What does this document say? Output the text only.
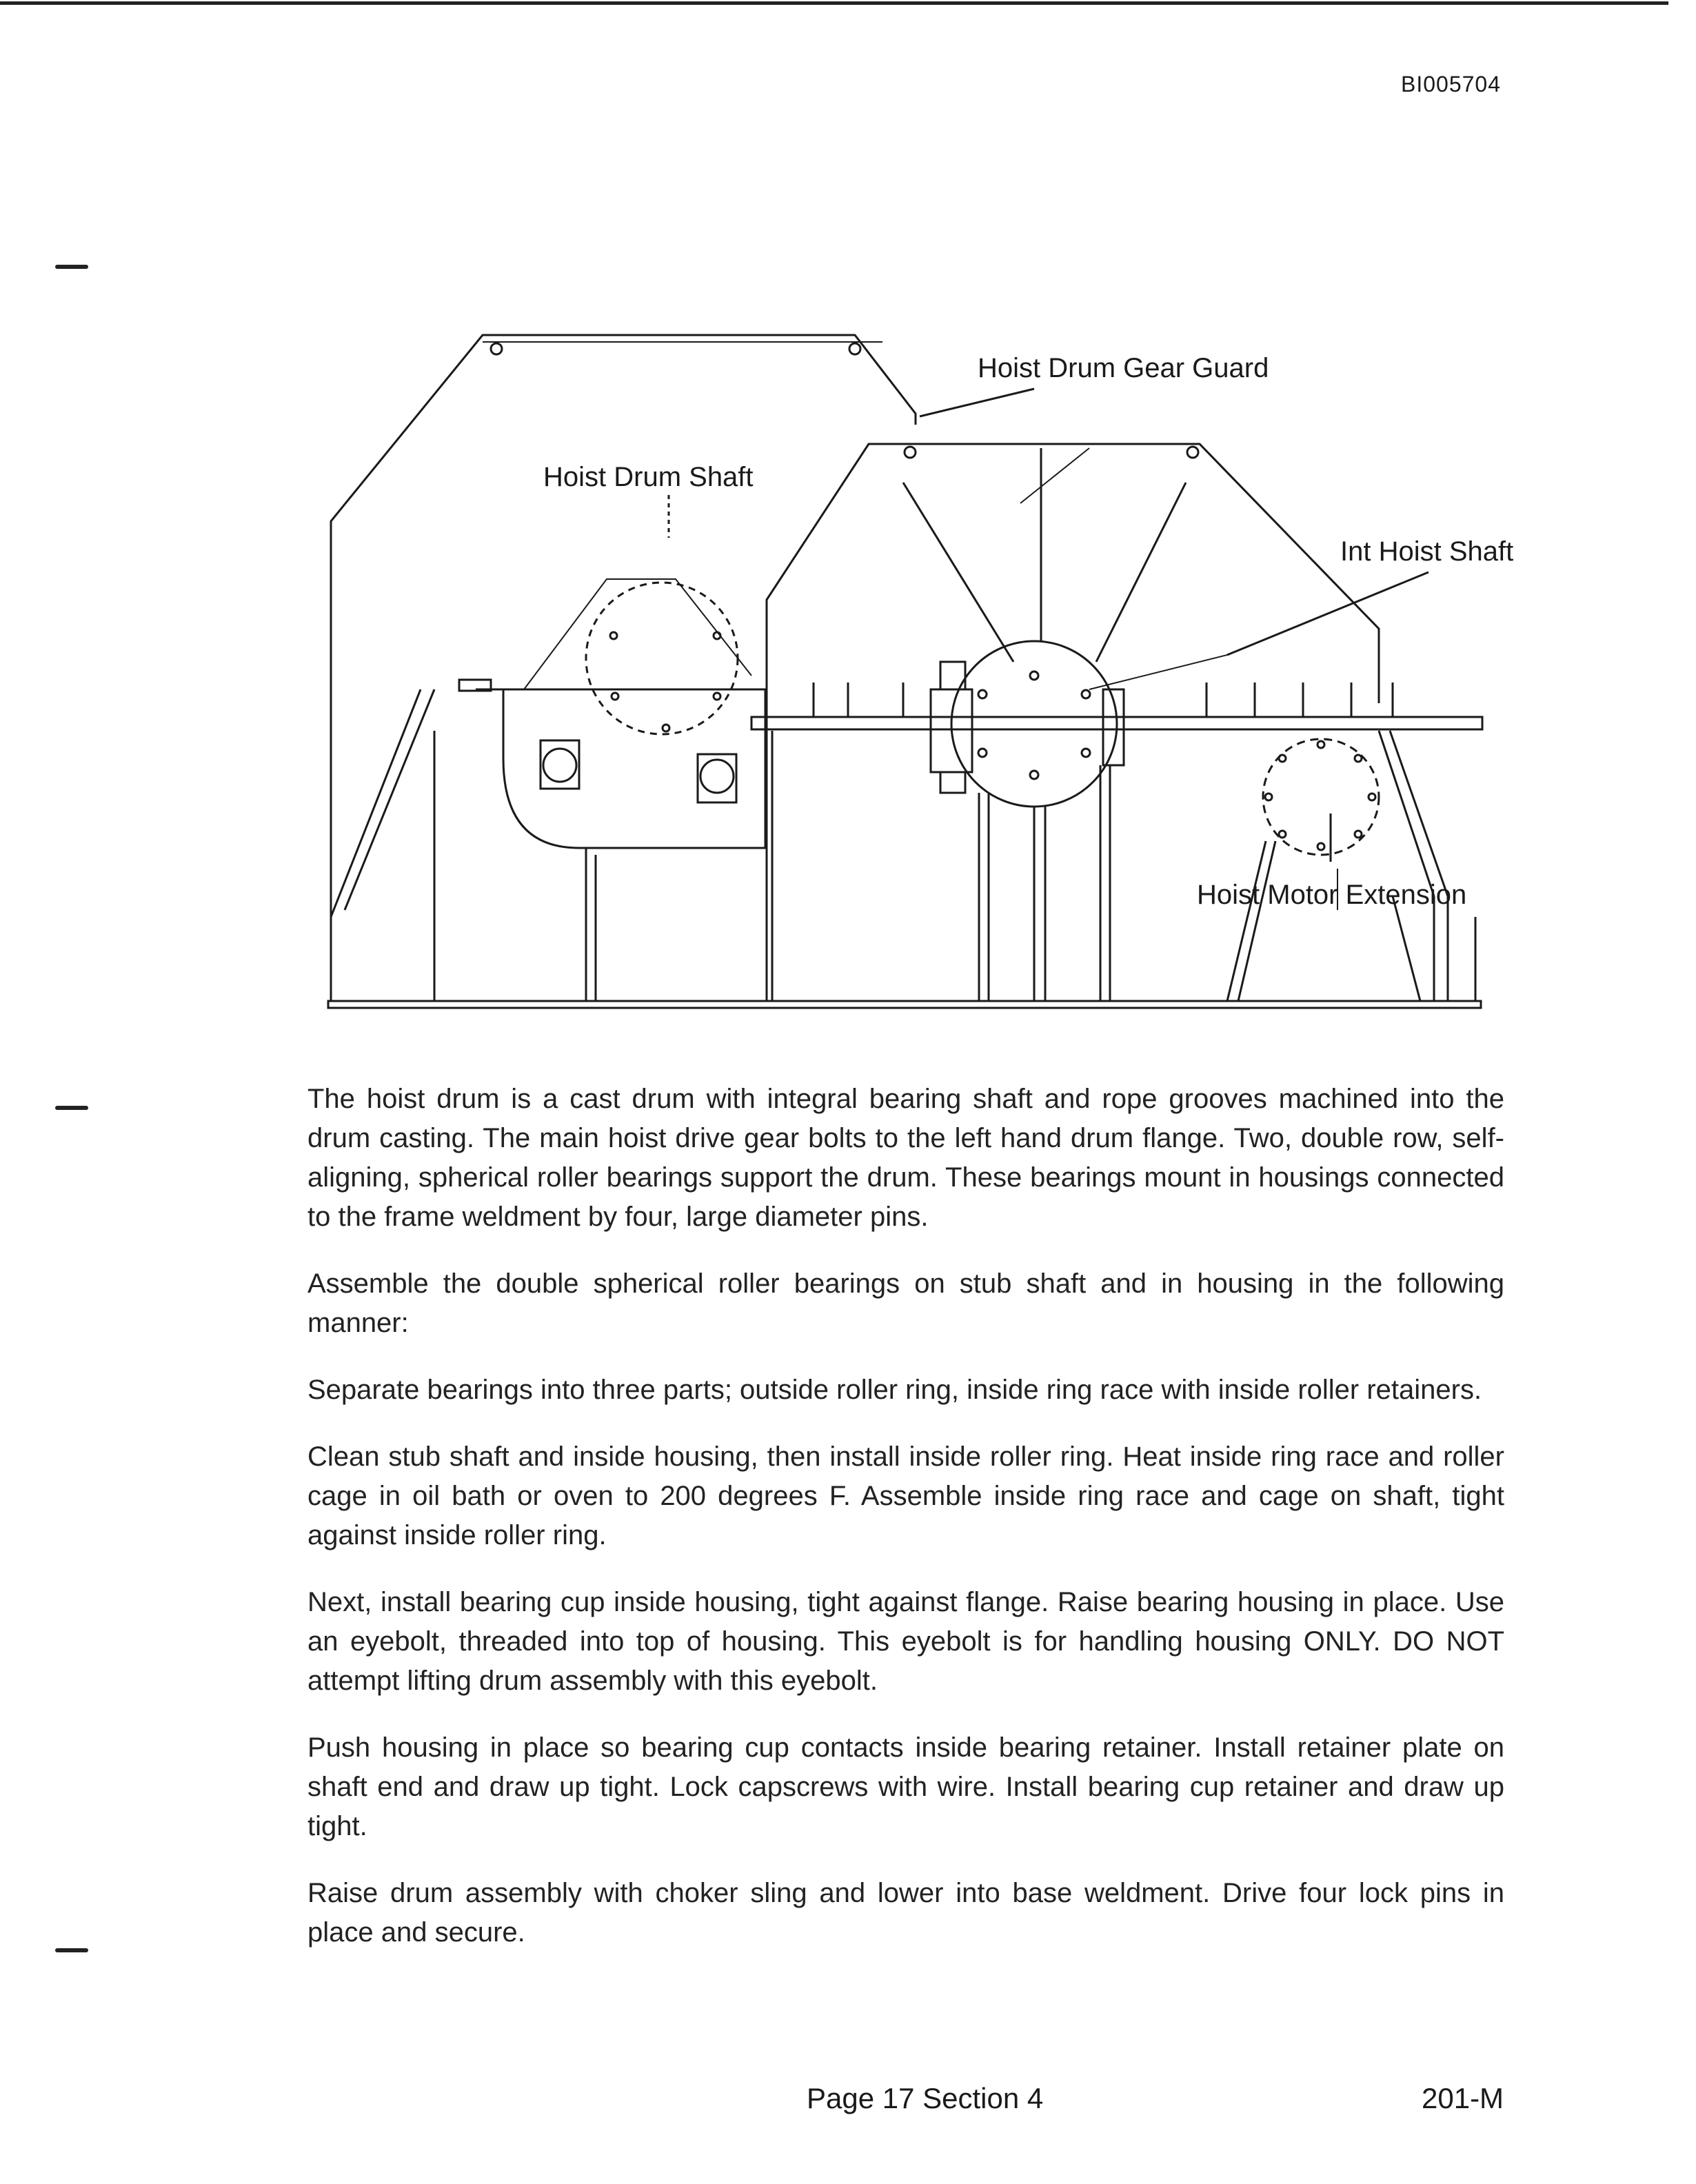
BI005704
Hoist Drum Gear Guard
Hoist Drum Shaft
Int Hoist Shaft
Hoist Motor Extension

The hoist drum is a cast drum with integral bearing shaft and rope grooves machined into the drum casting. The main hoist drive gear bolts to the left hand drum flange. Two, double row, self-aligning, spherical roller bearings support the drum. These bearings mount in housings connected to the frame weldment by four, large diameter pins.

Assemble the double spherical roller bearings on stub shaft and in housing in the following manner:

Separate bearings into three parts; outside roller ring, inside ring race with inside roller retainers.

Clean stub shaft and inside housing, then install inside roller ring. Heat inside ring race and roller cage in oil bath or oven to 200 degrees F. Assemble inside ring race and cage on shaft, tight against inside roller ring.

Next, install bearing cup inside housing, tight against flange. Raise bearing housing in place. Use an eyebolt, threaded into top of housing. This eyebolt is for handling housing ONLY. DO NOT attempt lifting drum assembly with this eyebolt.

Push housing in place so bearing cup contacts inside bearing retainer. Install retainer plate on shaft end and draw up tight. Lock capscrews with wire. Install bearing cup retainer and draw up tight.

Raise drum assembly with choker sling and lower into base weldment. Drive four lock pins in place and secure.

Page 17 Section 4	201-M
